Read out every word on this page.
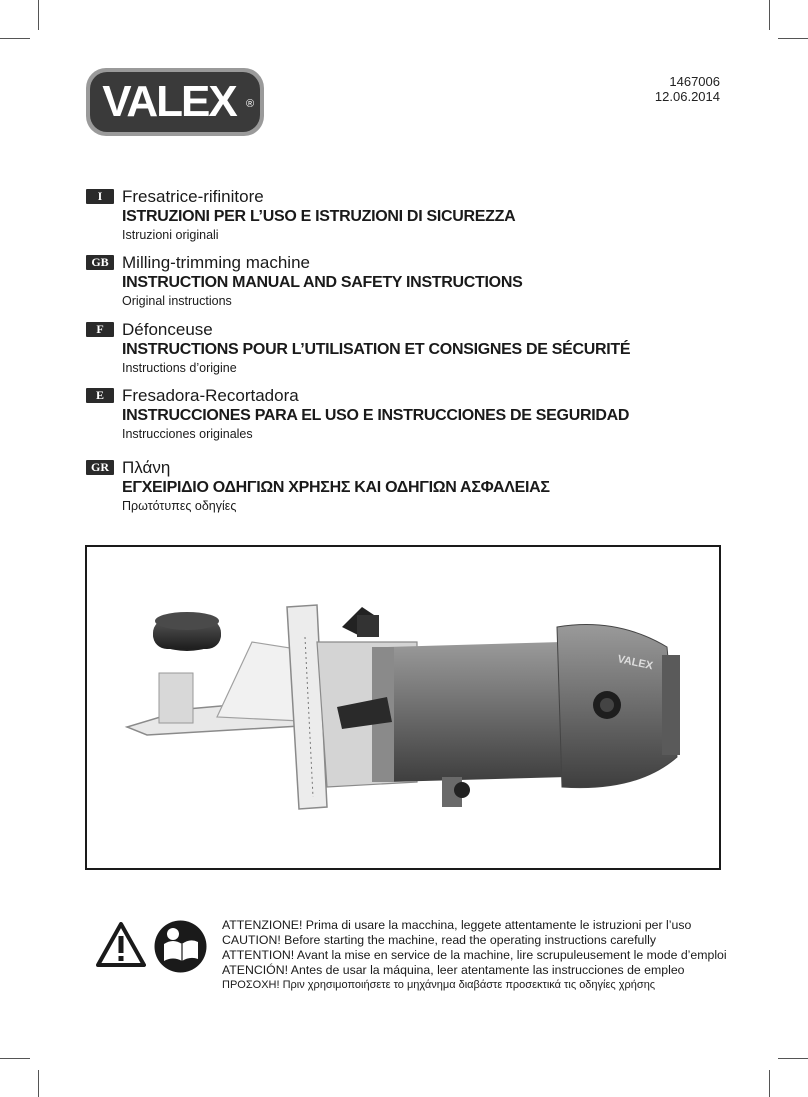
VALEX ®
1467006
12.06.2014
I	Fresatrice-rifinitore
ISTRUZIONI PER L’USO E ISTRUZIONI DI SICUREZZA
Istruzioni originali
GB Milling-trimming machine
INSTRUCTION MANUAL AND SAFETY INSTRUCTIONS
Original instructions
F	Défonceuse
INSTRUCTIONS POUR L’UTILISATION ET CONSIGNES DE SÉCURITÉ
Instructions d’origine
E	Fresadora-Recortadora
INSTRUCCIONES PARA EL USO E INSTRUCCIONES DE SEGURIDAD
Instrucciones originales
GR Πλάνη
ΕΓΧΕΙΡΙΔΙΟ ΟΔΗΓΙΩΝ ΧΡΗΣΗΣ ΚΑΙ ΟΔΗΓΙΩΝ ΑΣΦΑΛΕΙΑΣ
Πρωτότυπες οδηγίες
VALEX
ATTENZIONE! Prima di usare la macchina, leggete attentamente le istruzioni per l’uso
CAUTION! Before starting the machine, read the operating instructions carefully
ATTENTION! Avant la mise en service de la machine, lire scrupuleusement le mode d’emploi
ATENCIÓN! Antes de usar la máquina, leer atentamente las instrucciones de empleo
ΠΡΟΣΟΧΗ! Πριν χρησιμοποιήσετε το μηχάνημα διαβάστε προσεκτικά τις οδηγίες χρήσης
